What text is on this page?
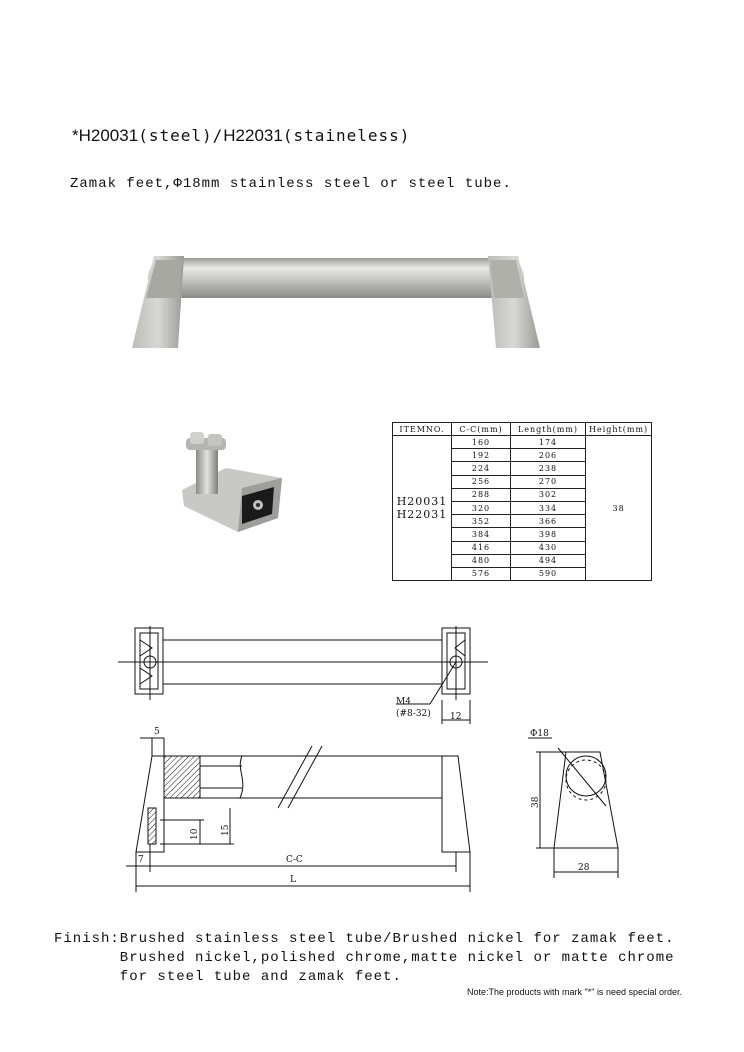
*H20031(steel)/H22031(staineless)
Zamak feet,Φ18mm stainless steel or steel tube.
ITEMNO.	C-C(mm)	Length(mm)	Height(mm)

H20031
H22031	160	174	38
	192	206	
	224	238	
	256	270	
	288	302	
	320	334	
	352	366	
	384	398	
	416	430	
	480	494	
	576	590	
M4
(#8-32) 12
5
7
10 15
C-C
L
Φ18
38
28
Finish:Brushed stainless steel tube/Brushed nickel for zamak feet.
Brushed nickel,polished chrome,matte nickel or matte chrome
for steel tube and zamak feet.
Note:The products with mark "*" is need special order.
